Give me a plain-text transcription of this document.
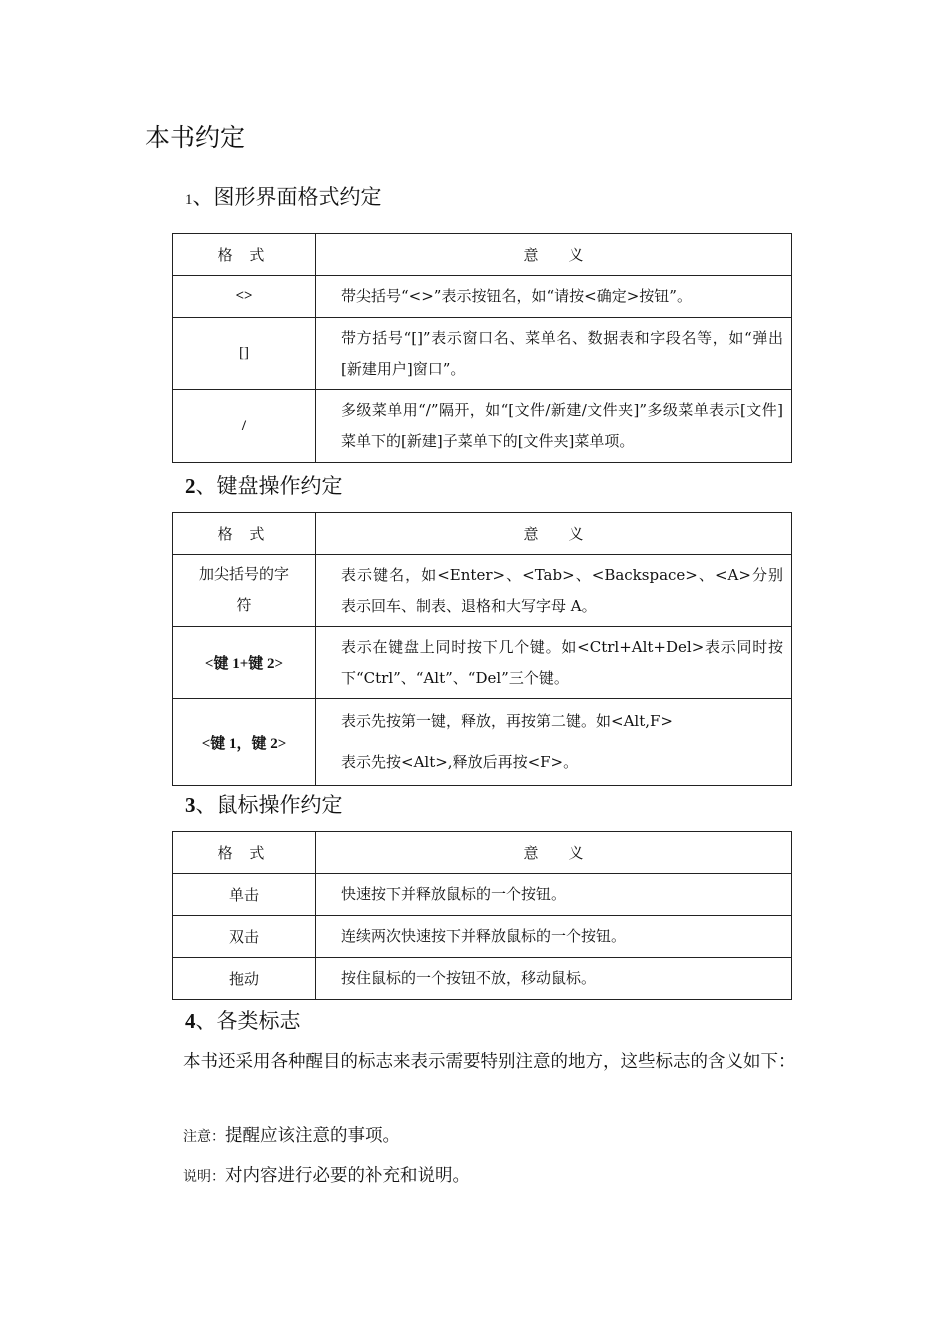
本书约定
1、图形界面格式约定
格 式	意　　义
<>	带尖括号“<>”表示按钮名，如“请按<确定>按钮”。
[]	带方括号“[]”表示窗口名、菜单名、数据表和字段名等，如“弹出[新建用户]窗口”。
/	多级菜单用“/”隔开，如“[文件/新建/文件夹]”多级菜单表示[文件]菜单下的[新建]子菜单下的[文件夹]菜单项。
2、键盘操作约定
格 式	意　　义
加尖括号的字符	表示键名，如<Enter>、<Tab>、<Backspace>、<A>分别表示回车、制表、退格和大写字母 A。
<键 1+键 2>	表示在键盘上同时按下几个键。如<Ctrl+Alt+Del>表示同时按下“Ctrl”、“Alt”、“Del”三个键。
<键 1，键 2>	表示先按第一键，释放，再按第二键。如<Alt,F>
表示先按<Alt>,释放后再按<F>。
3、鼠标操作约定
格 式	意　　义
单击	快速按下并释放鼠标的一个按钮。
双击	连续两次快速按下并释放鼠标的一个按钮。
拖动	按住鼠标的一个按钮不放，移动鼠标。
4、各类标志

本书还采用各种醒目的标志来表示需要特别注意的地方，这些标志的含义如下：

注意：提醒应该注意的事项。

说明：对内容进行必要的补充和说明。
